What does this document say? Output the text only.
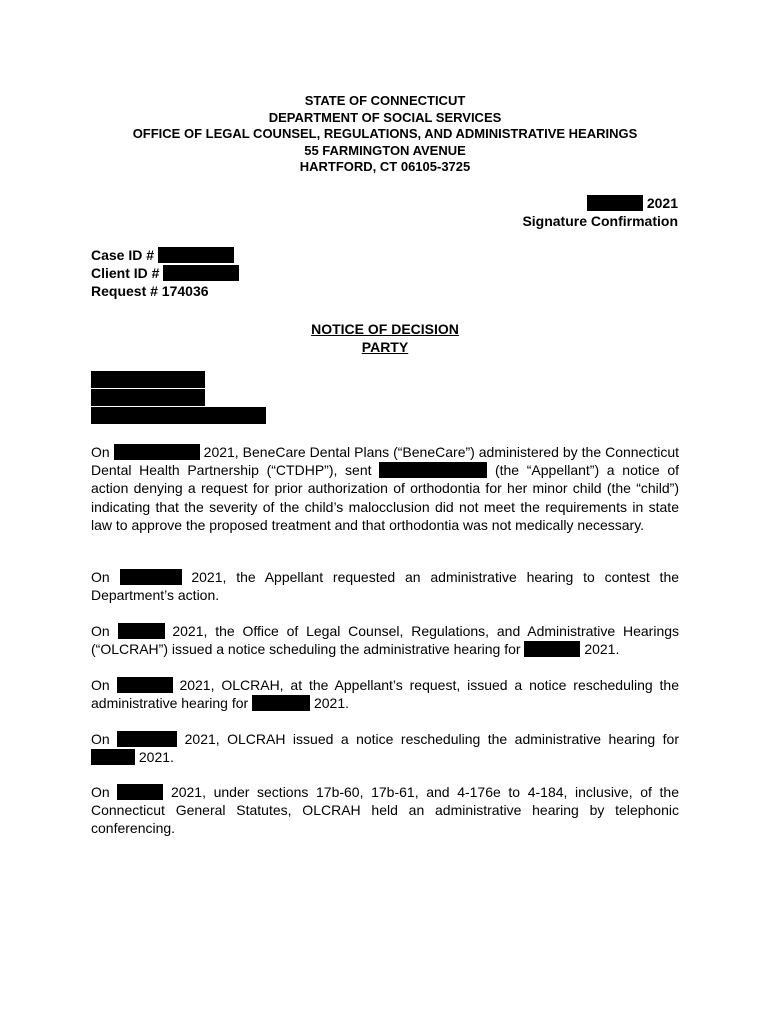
STATE OF CONNECTICUT
DEPARTMENT OF SOCIAL SERVICES
OFFICE OF LEGAL COUNSEL, REGULATIONS, AND ADMINISTRATIVE HEARINGS
55 FARMINGTON AVENUE
HARTFORD, CT 06105-3725
2021
Signature Confirmation
Case ID #
Client ID #
Request # 174036
NOTICE OF DECISION
PARTY
On	2021, BeneCare Dental Plans (“BeneCare”) administered by the Connecticut Dental Health Partnership (“CTDHP”), sent	(the “Appellant”) a notice of action denying a request for prior authorization of orthodontia for her minor child (the “child”) indicating that the severity of the child’s malocclusion did not meet the requirements in state law to approve the proposed treatment and that orthodontia was not medically necessary.
On	2021, the Appellant requested an administrative hearing to contest the Department’s action.
On	2021, the Office of Legal Counsel, Regulations, and Administrative Hearings (“OLCRAH”) issued a notice scheduling the administrative hearing for	2021.
On	2021, OLCRAH, at the Appellant’s request, issued a notice rescheduling the administrative hearing for	2021.
On	2021, OLCRAH issued a notice rescheduling the administrative hearing for  2021.
On	2021, under sections 17b-60, 17b-61, and 4-176e to 4-184, inclusive, of the Connecticut General Statutes, OLCRAH held an administrative hearing by telephonic conferencing.
